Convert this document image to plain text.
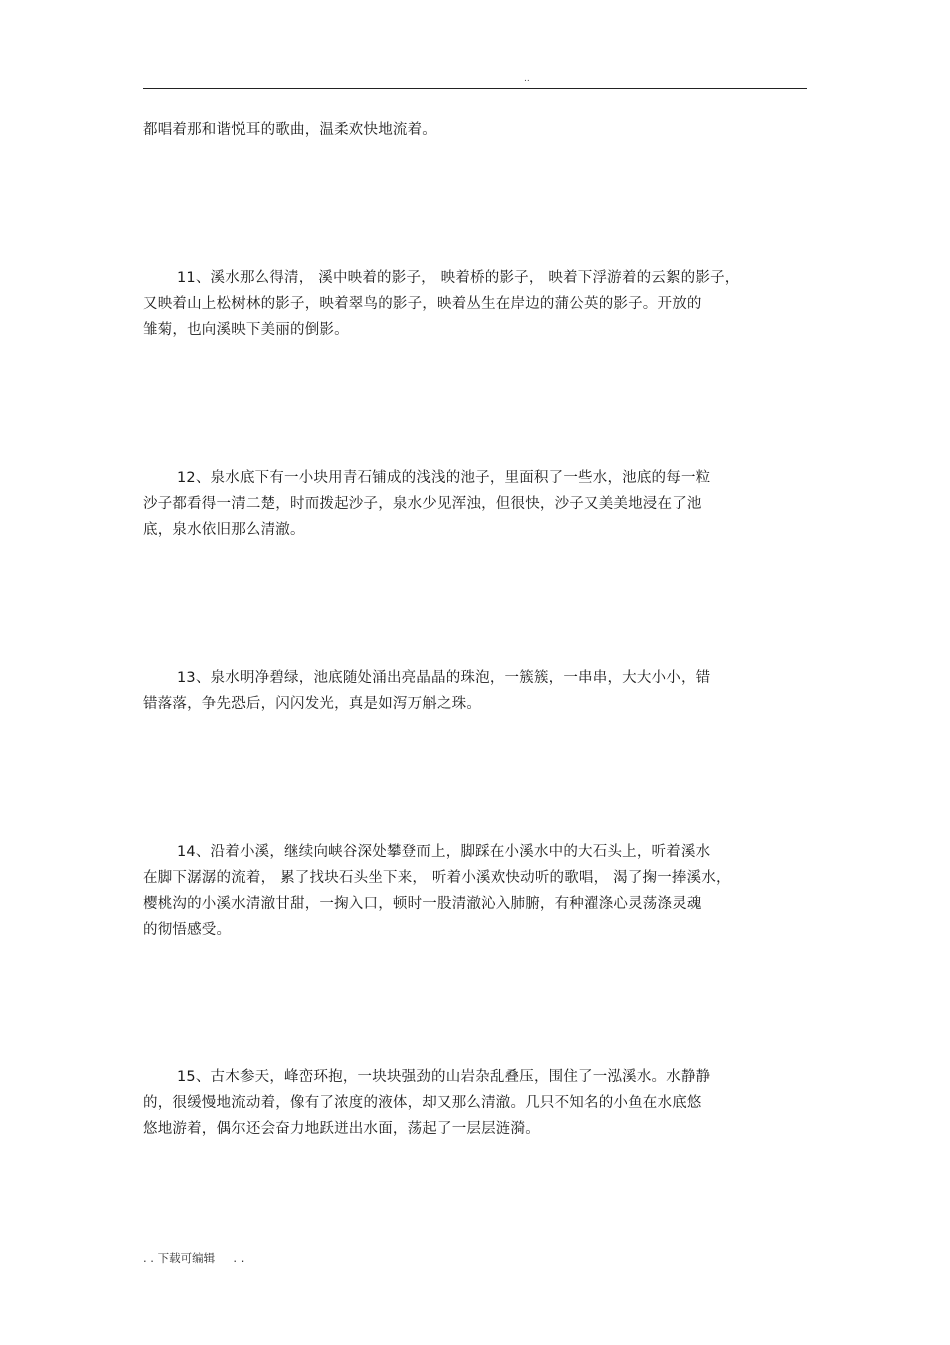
..

都唱着那和谐悦耳的歌曲，温柔欢快地流着。

11、溪水那么得清， 溪中映着的影子， 映着桥的影子， 映着下浮游着的云絮的影子，
又映着山上松树林的影子，映着翠鸟的影子，映着丛生在岸边的蒲公英的影子。开放的
雏菊，也向溪映下美丽的倒影。

12、泉水底下有一小块用青石铺成的浅浅的池子，里面积了一些水，池底的每一粒
沙子都看得一清二楚，时而拨起沙子，泉水少见浑浊，但很快，沙子又美美地浸在了池
底，泉水依旧那么清澈。

13、泉水明净碧绿，池底随处涌出亮晶晶的珠泡，一簇簇，一串串，大大小小，错
错落落，争先恐后，闪闪发光，真是如泻万斛之珠。

14、沿着小溪，继续向峡谷深处攀登而上，脚踩在小溪水中的大石头上，听着溪水
在脚下潺潺的流着， 累了找块石头坐下来， 听着小溪欢快动听的歌唱， 渴了掬一捧溪水，
樱桃沟的小溪水清澈甘甜，一掬入口，顿时一股清澈沁入肺腑，有种濯涤心灵荡涤灵魂
的彻悟感受。

15、古木参天，峰峦环抱，一块块强劲的山岩杂乱叠压，围住了一泓溪水。水静静
的，很缓慢地流动着，像有了浓度的液体，却又那么清澈。几只不知名的小鱼在水底悠
悠地游着，偶尔还会奋力地跃迸出水面，荡起了一层层涟漪。

. . 下载可编辑     . .
